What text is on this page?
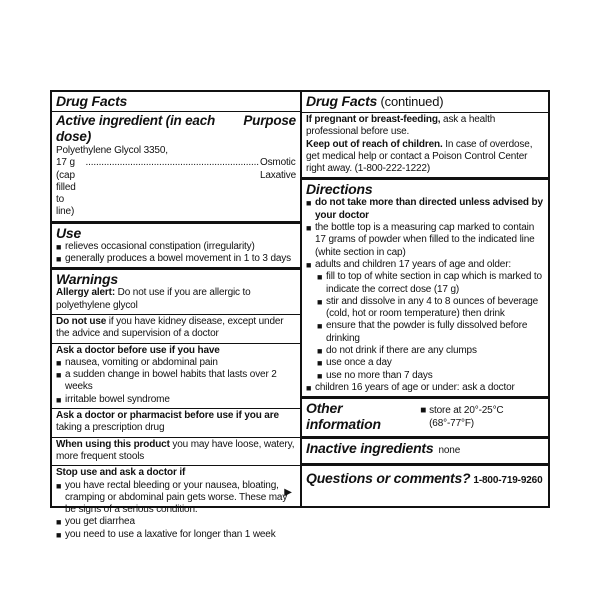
Drug Facts
Active ingredient (in each dose)
Purpose
Polyethylene Glycol 3350,
17 g (cap filled to line)
.................................................................. Osmotic Laxative
Use
■ relieves occasional constipation (irregularity)
■ generally produces a bowel movement in 1 to 3 days
Warnings
Allergy alert: Do not use if you are allergic to polyethylene glycol
Do not use if you have kidney disease, except under the advice and supervision of a doctor
Ask a doctor before use if you have
■ nausea, vomiting or abdominal pain
■ a sudden change in bowel habits that lasts over 2 weeks
■ irritable bowel syndrome
Ask a doctor or pharmacist before use if you are taking a prescription drug
When using this product you may have loose, watery, more frequent stools
Stop use and ask a doctor if
■ you have rectal bleeding or your nausea, bloating, cramping or abdominal pain gets worse. These may be signs of a serious condition.
■ you get diarrhea
■ you need to use a laxative for longer than 1 week
▶
Drug Facts (continued)
If pregnant or breast-feeding, ask a health professional before use.
Keep out of reach of children. In case of overdose, get medical help or contact a Poison Control Center right away. (1-800-222-1222)
Directions
■ do not take more than directed unless advised by your doctor
■ the bottle top is a measuring cap marked to contain 17 grams of powder when filled to the indicated line (white section in cap)
■ adults and children 17 years of age and older:
■ fill to top of white section in cap which is marked to indicate the correct dose (17 g)
■ stir and dissolve in any 4 to 8 ounces of beverage (cold, hot or room temperature) then drink
■ ensure that the powder is fully dissolved before drinking
■ do not drink if there are any clumps
■ use once a day
■ use no more than 7 days
■ children 16 years of age or under: ask a doctor
Other information
■ store at 20°-25°C (68°-77°F)
Inactive ingredients none
Questions or comments? 1-800-719-9260
